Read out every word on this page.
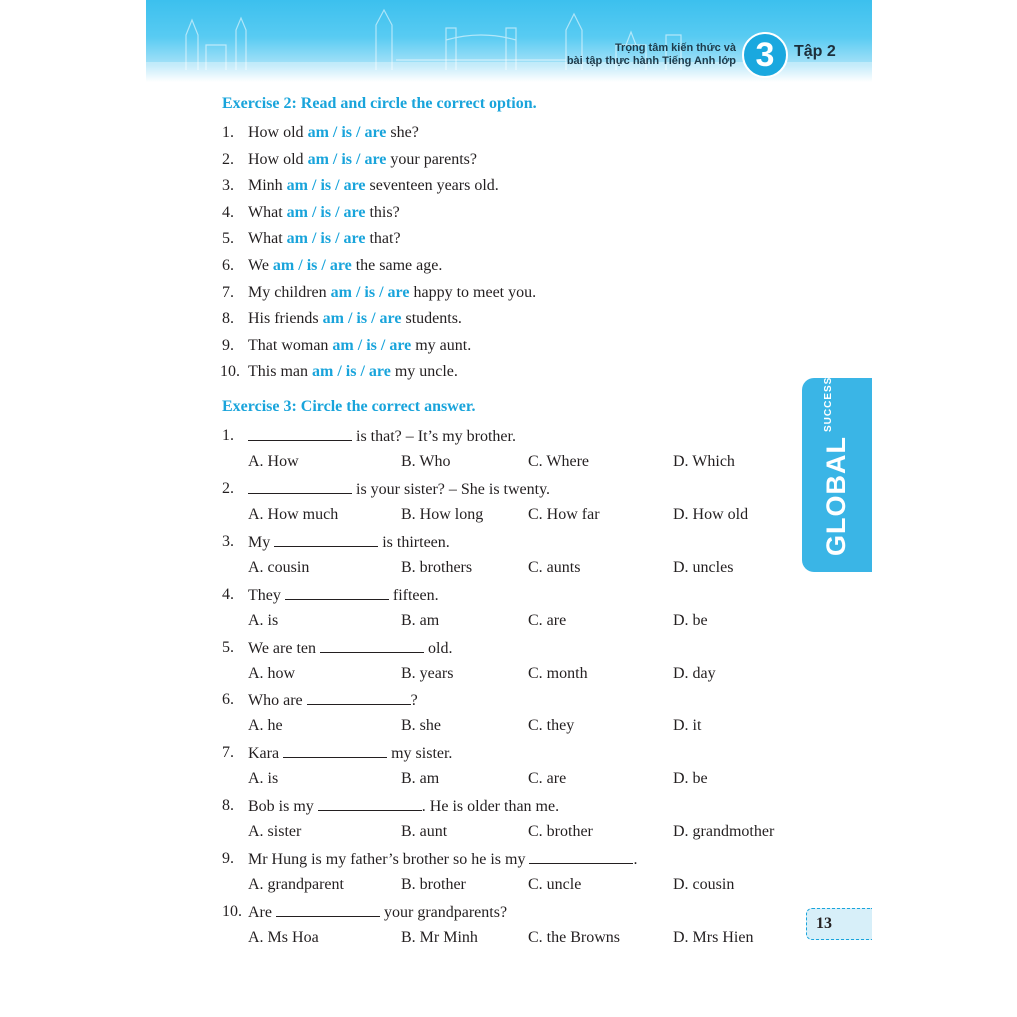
Trọng tâm kiến thức và
bài tập thực hành Tiếng Anh lớp 3	Tập 2
Exercise 2: Read and circle the correct option.
1. How old am / is / are she?
2. How old am / is / are your parents?
3. Minh am / is / are seventeen years old.
4. What am / is / are this?
5. What am / is / are that?
6. We am / is / are the same age.
7. My children am / is / are happy to meet you.
8. His friends am / is / are students.
9. That woman am / is / are my aunt.
10. This man am / is / are my uncle.
Exercise 3: Circle the correct answer.
1.	is that? – It’s my brother.
A. How	B. Who	C. Where	D. Which
2.	is your sister? – She is twenty.
A. How much	B. How long	C. How far	D. How old
3. My	is thirteen.
A. cousin	B. brothers	C. aunts	D. uncles
4. They	fifteen.
A. is	B. am	C. are	D. be
5. We are ten	old.
A. how	B. years	C. month	D. day
6. Who are	?
A. he	B. she	C. they	D. it
7. Kara	my sister.
A. is	B. am	C. are	D. be
8. Bob is my	. He is older than me.
A. sister	B. aunt	C. brother	D. grandmother
9. Mr Hung is my father’s brother so he is my	.
A. grandparent	B. brother	C. uncle	D. cousin
10. Are	your grandparents?
A. Ms Hoa	B. Mr Minh	C. the Browns	D. Mrs Hien
$GLOBAL^{SUCCESS}$
13
